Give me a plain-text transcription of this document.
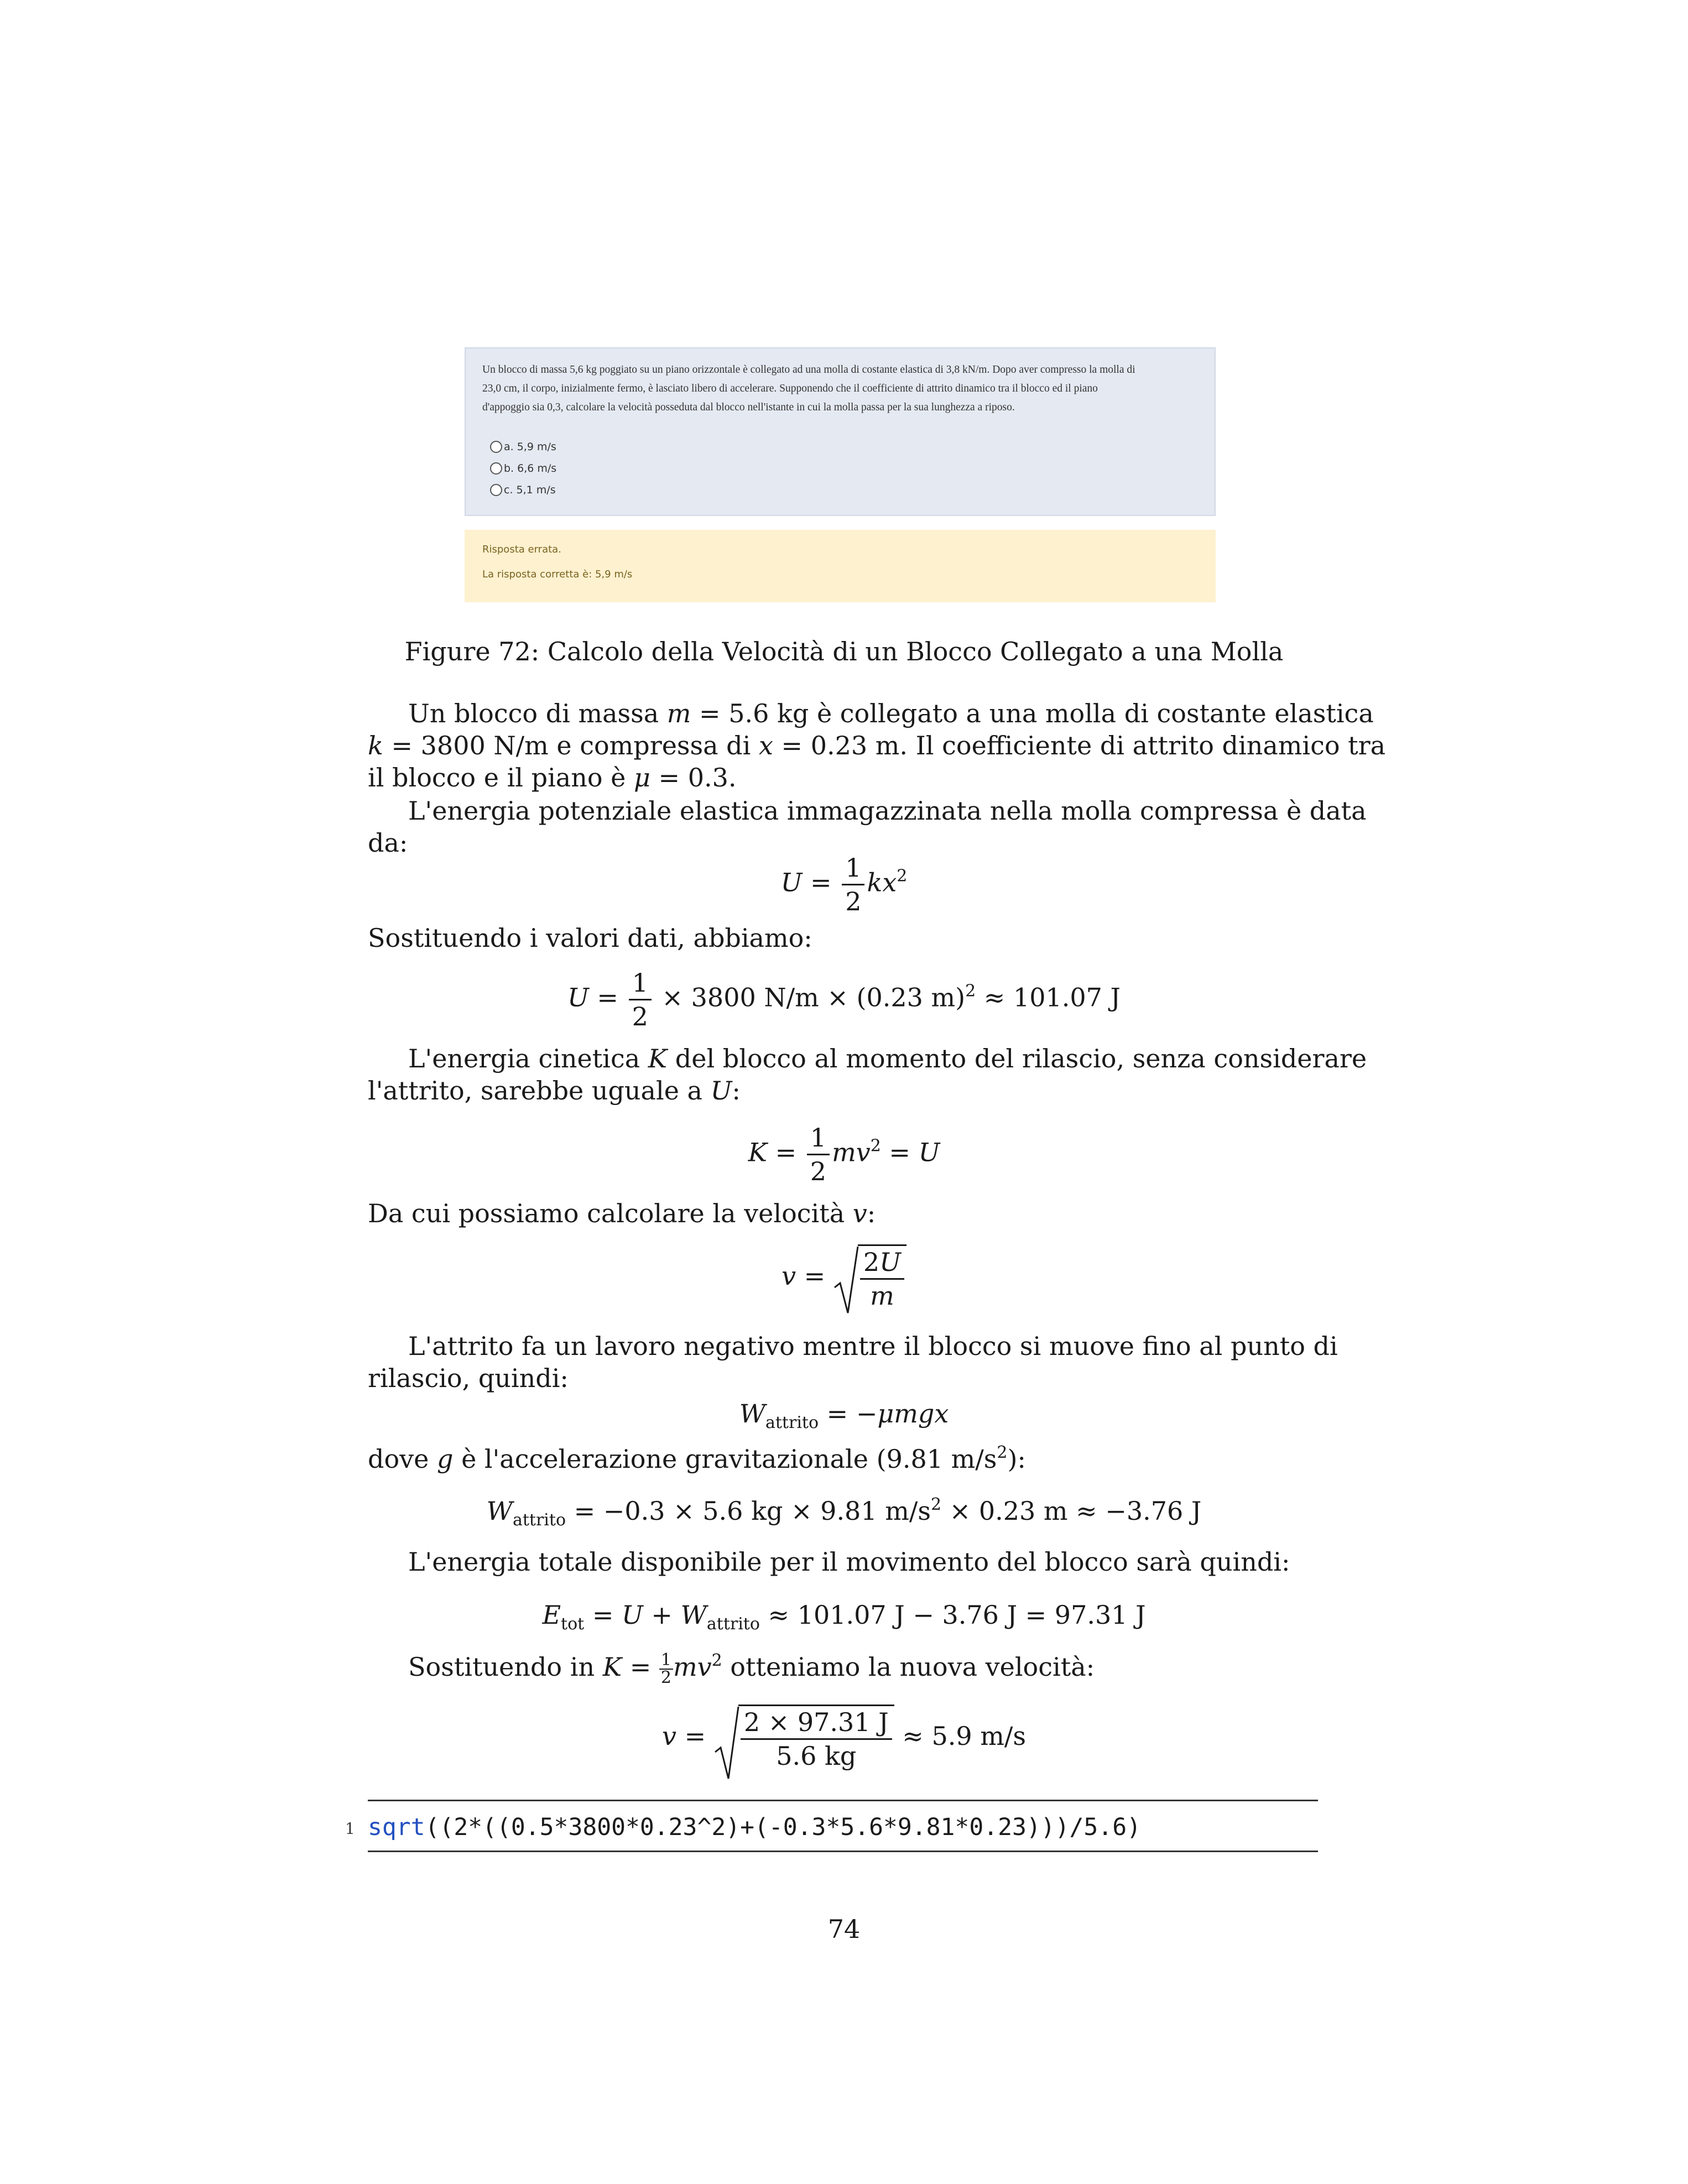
Un blocco di massa 5,6 kg poggiato su un piano orizzontale è collegato ad una molla di costante elastica di 3,8 kN/m. Dopo aver compresso la molla di
23,0 cm, il corpo, inizialmente fermo, è lasciato libero di accelerare. Supponendo che il coefficiente di attrito dinamico tra il blocco ed il piano
d'appoggio sia 0,3, calcolare la velocità posseduta dal blocco nell'istante in cui la molla passa per la sua lunghezza a riposo.
a. 5,9 m/s
b. 6,6 m/s
c. 5,1 m/s
Risposta errata.
La risposta corretta è: 5,9 m/s
Figure 72: Calcolo della Velocità di un Blocco Collegato a una Molla
Un blocco di massa m = 5.6 kg è collegato a una molla di costante elastica
k = 3800 N/m e compressa di x = 0.23 m. Il coefficiente di attrito dinamico tra
il blocco e il piano è μ = 0.3.
L'energia potenziale elastica immagazzinata nella molla compressa è data
da:
$U = \frac{1}{2} kx^2$
Sostituendo i valori dati, abbiamo:
$U = \frac{1}{2} \times 3800$ N/m × (0.23 m)$^2$ ≈ 101.07 J
L'energia cinetica K del blocco al momento del rilascio, senza considerare
l'attrito, sarebbe uguale a U:
$K = \frac{1}{2} mv^2 = U$
Da cui possiamo calcolare la velocità v:
$v = \frac{2U}{m}$
L'attrito fa un lavoro negativo mentre il blocco si muove fino al punto di
rilascio, quindi:
$W_{attrito} = -\mu mgx$
dove g è l'accelerazione gravitazionale (9.81 $m/s^2$):
$W_{attrito} = -0.3 \times 5.6$ kg × 9.81 $m/s^2 \times 0.23$ m ≈ −3.76 J
L'energia totale disponibile per il movimento del blocco sarà quindi:
$E_{tot} = U + W_{attrito} \approx 101.07$ J − 3.76 J = 97.31 J
Sostituendo in $K = \frac{1}{2} mv^2$ otteniamo la nuova velocità:
$v = \frac{2 \times 97.31 J}{5.6 kg} \approx 5.9$ m/s
1 sqrt((2*((0.5*3800*0.23^2)+(-0.3*5.6*9.81*0.23)))/5.6)
74
